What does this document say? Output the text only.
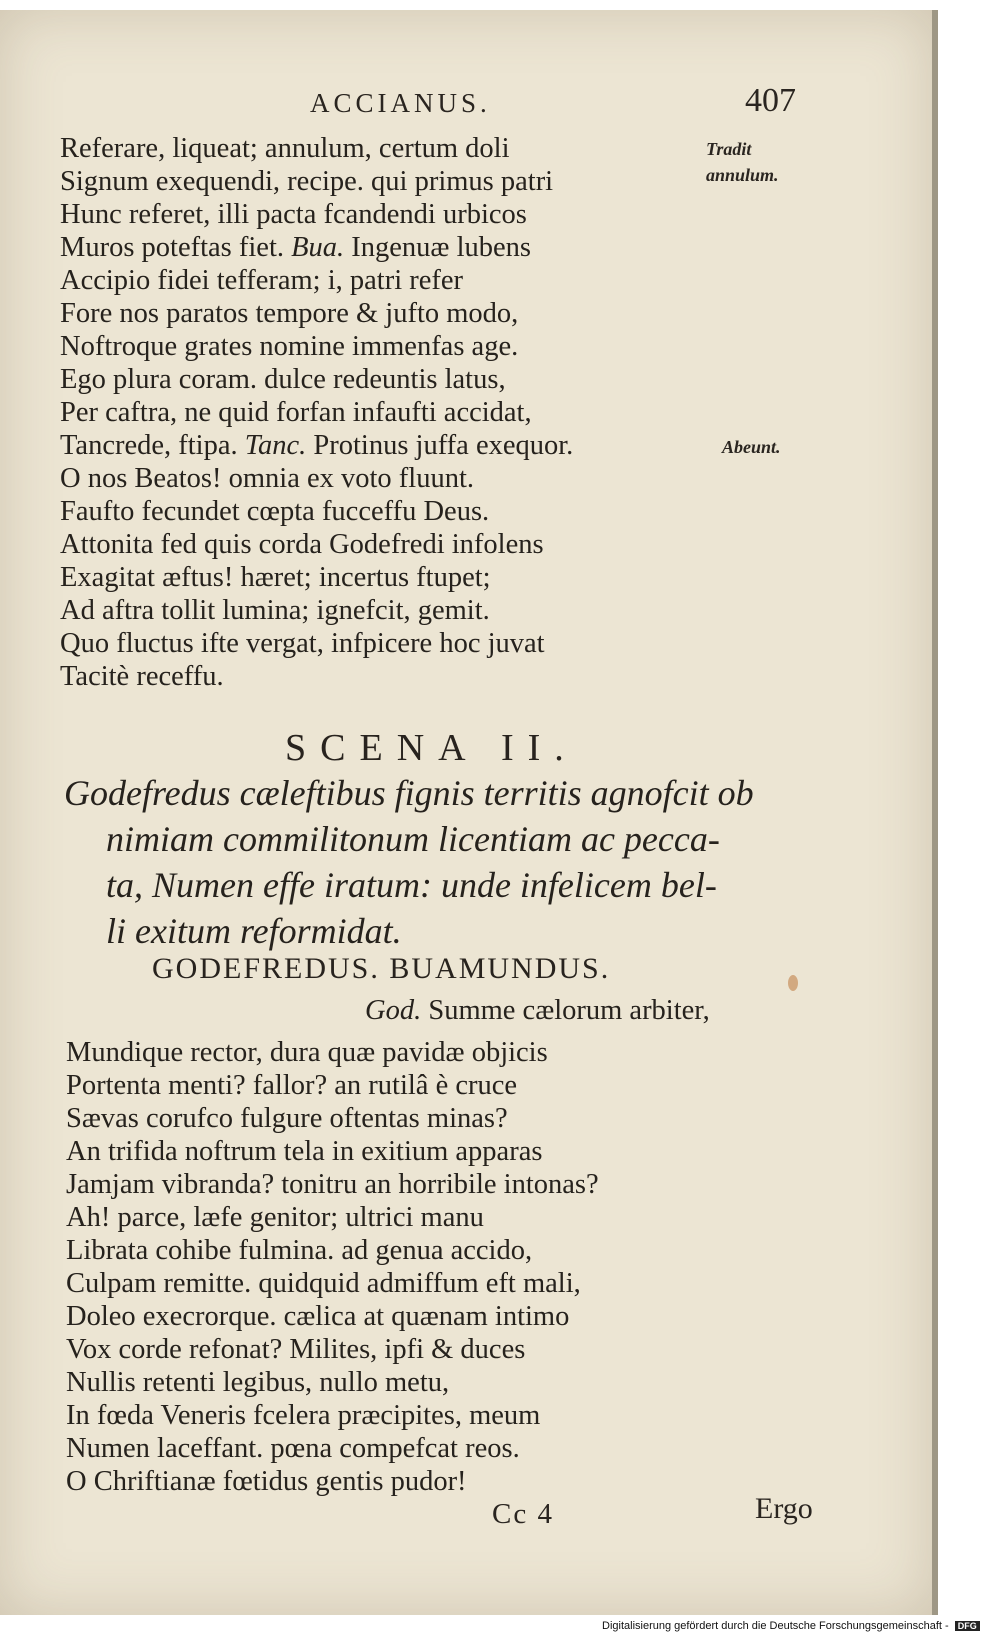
ACCIANUS.	407
Tradit
annulum.
Abeunt.
Referare, liqueat; annulum, certum doli
Signum exequendi, recipe. qui primus patri
Hunc referet, illi pacta fcandendi urbicos
Muros poteftas fiet. Bua. Ingenuæ lubens
Accipio fidei tefferam; i, patri refer
Fore nos paratos tempore & jufto modo,
Noftroque grates nomine immenfas age.
Ego plura coram. dulce redeuntis latus,
Per caftra, ne quid forfan infaufti accidat,
Tancrede, ftipa. Tanc. Protinus juffa exequor.
O nos Beatos! omnia ex voto fluunt.
Faufto fecundet cœpta fucceffu Deus.
Attonita fed quis corda Godefredi infolens
Exagitat æftus! hæret; incertus ftupet;
Ad aftra tollit lumina; ignefcit, gemit.
Quo fluctus ifte vergat, infpicere hoc juvat
Tacitè receffu.
SCENA II.
Godefredus cæleftibus fignis territis agnofcit ob
nimiam commilitonum licentiam ac pecca-
ta, Numen effe iratum: unde infelicem bel-
li exitum reformidat.
GODEFREDUS. BUAMUNDUS.
God. Summe cælorum arbiter,
Mundique rector, dura quæ pavidæ objicis
Portenta menti? fallor? an rutilâ è cruce
Sævas corufco fulgure oftentas minas?
An trifida noftrum tela in exitium apparas
Jamjam vibranda? tonitru an horribile intonas?
Ah! parce, læfe genitor; ultrici manu
Librata cohibe fulmina. ad genua accido,
Culpam remitte. quidquid admiffum eft mali,
Doleo execrorque. cælica at quænam intimo
Vox corde refonat? Milites, ipfi & duces
Nullis retenti legibus, nullo metu,
In fœda Veneris fcelera præcipites, meum
Numen laceffant. pœna compefcat reos.
O Chriftianæ fœtidus gentis pudor!
Cc 4	Ergo
Digitalisierung gefördert durch die Deutsche Forschungsgemeinschaft - DFG
